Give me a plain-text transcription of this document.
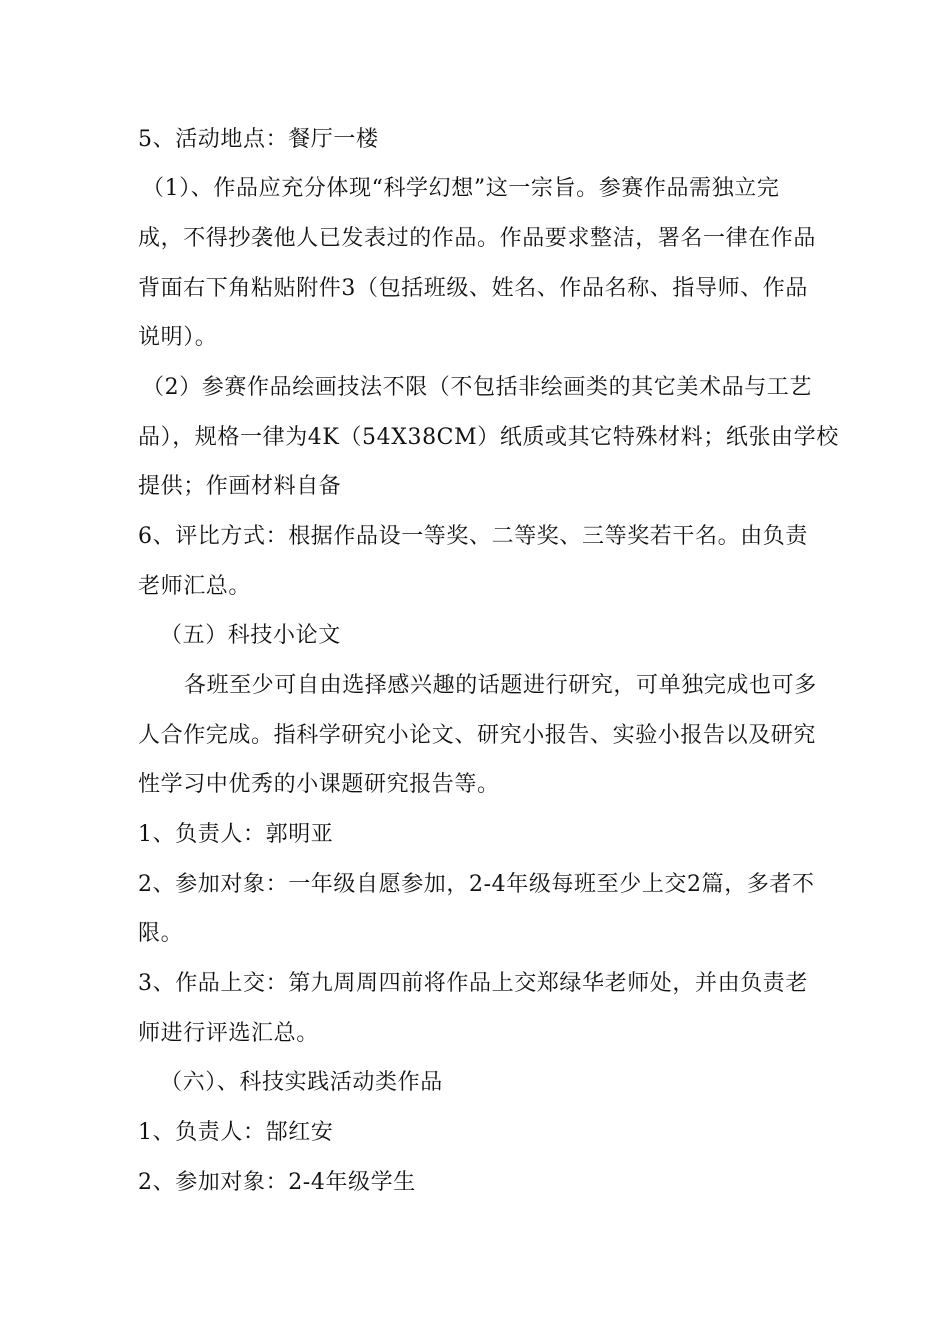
5、活动地点：餐厅一楼
（1）、作品应充分体现“科学幻想”这一宗旨。参赛作品需独立完
成，不得抄袭他人已发表过的作品。作品要求整洁，署名一律在作品
背面右下角粘贴附件3（包括班级、姓名、作品名称、指导师、作品
说明）。
（2）参赛作品绘画技法不限（不包括非绘画类的其它美术品与工艺
品），规格一律为4K（54X38CM）纸质或其它特殊材料；纸张由学校
提供；作画材料自备
6、评比方式：根据作品设一等奖、二等奖、三等奖若干名。由负责
老师汇总。
（五）科技小论文
各班至少可自由选择感兴趣的话题进行研究，可单独完成也可多
人合作完成。指科学研究小论文、研究小报告、实验小报告以及研究
性学习中优秀的小课题研究报告等。
1、负责人：郭明亚
2、参加对象：一年级自愿参加，2-4年级每班至少上交2篇，多者不
限。
3、作品上交：第九周周四前将作品上交郑绿华老师处，并由负责老
师进行评选汇总。
（六）、科技实践活动类作品
1、负责人：郜红安
2、参加对象：2-4年级学生
